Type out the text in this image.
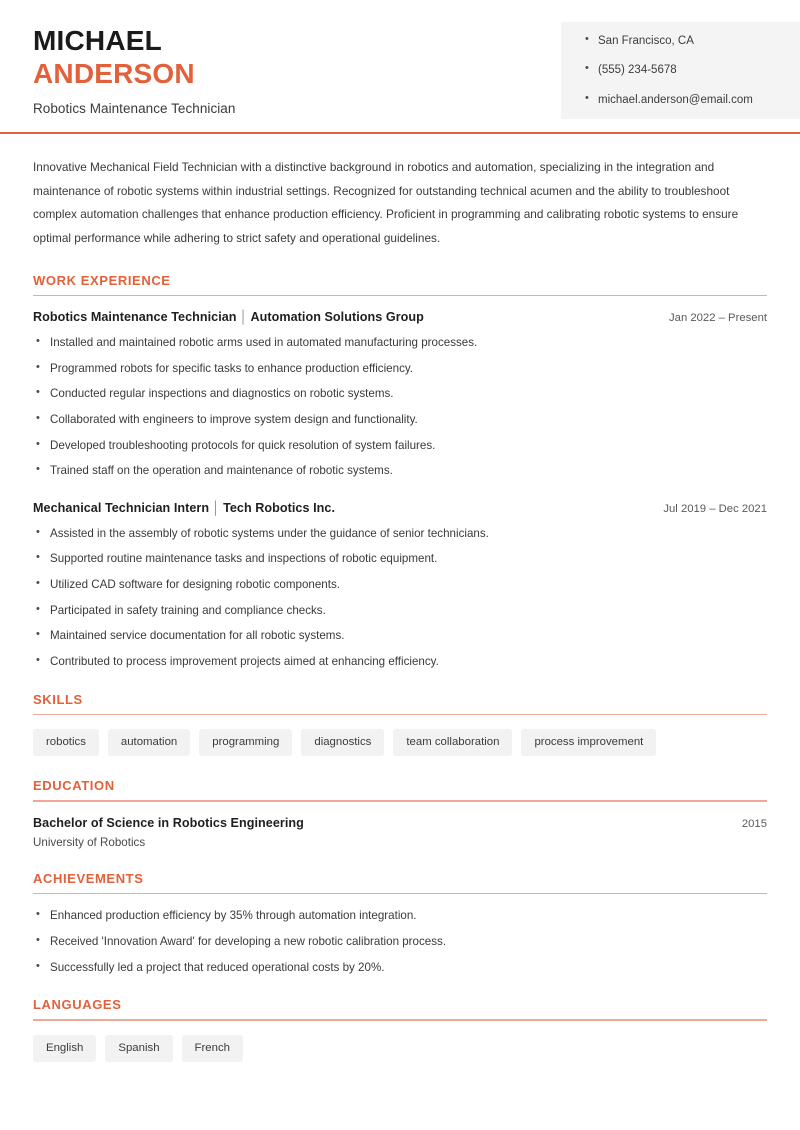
MICHAEL
ANDERSON
Robotics Maintenance Technician
• San Francisco, CA
• (555) 234-5678
• michael.anderson@email.com

Innovative Mechanical Field Technician with a distinctive background in robotics and automation, specializing in the integration and maintenance of robotic systems within industrial settings. Recognized for outstanding technical acumen and the ability to troubleshoot complex automation challenges that enhance production efficiency. Proficient in programming and calibrating robotic systems to ensure optimal performance while adhering to strict safety and operational guidelines.

WORK EXPERIENCE
Robotics Maintenance Technician │ Automation Solutions Group	Jan 2022 – Present
• Installed and maintained robotic arms used in automated manufacturing processes.
• Programmed robots for specific tasks to enhance production efficiency.
• Conducted regular inspections and diagnostics on robotic systems.
• Collaborated with engineers to improve system design and functionality.
• Developed troubleshooting protocols for quick resolution of system failures.
• Trained staff on the operation and maintenance of robotic systems.
Mechanical Technician Intern │ Tech Robotics Inc.	Jul 2019 – Dec 2021
• Assisted in the assembly of robotic systems under the guidance of senior technicians.
• Supported routine maintenance tasks and inspections of robotic equipment.
• Utilized CAD software for designing robotic components.
• Participated in safety training and compliance checks.
• Maintained service documentation for all robotic systems.
• Contributed to process improvement projects aimed at enhancing efficiency.
SKILLS
robotics	automation	programming	diagnostics	team collaboration	process improvement
EDUCATION
Bachelor of Science in Robotics Engineering	2015
University of Robotics
ACHIEVEMENTS
• Enhanced production efficiency by 35% through automation integration.
• Received 'Innovation Award' for developing a new robotic calibration process.
• Successfully led a project that reduced operational costs by 20%.
LANGUAGES
English	Spanish	French
